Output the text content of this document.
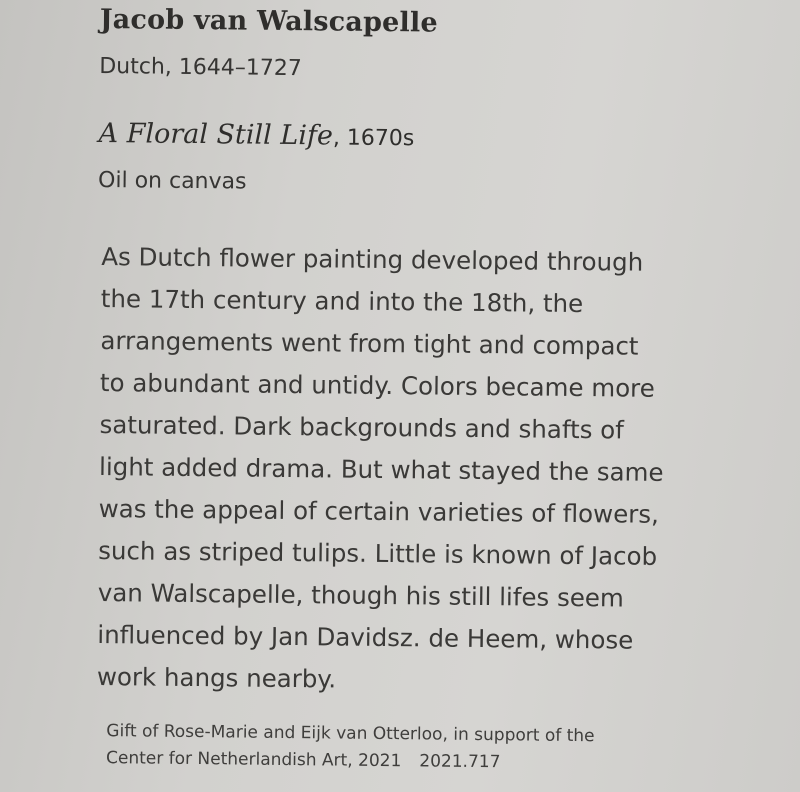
Jacob van Walscapelle
Dutch, 1644–1727
A Floral Still Life, 1670s
Oil on canvas

As Dutch flower painting developed through
the 17th century and into the 18th, the
arrangements went from tight and compact
to abundant and untidy. Colors became more
saturated. Dark backgrounds and shafts of
light added drama. But what stayed the same
was the appeal of certain varieties of flowers,
such as striped tulips. Little is known of Jacob
van Walscapelle, though his still lifes seem
influenced by Jan Davidsz. de Heem, whose
work hangs nearby.

Gift of Rose-Marie and Eijk van Otterloo, in support of the
Center for Netherlandish Art, 2021 2021.717
